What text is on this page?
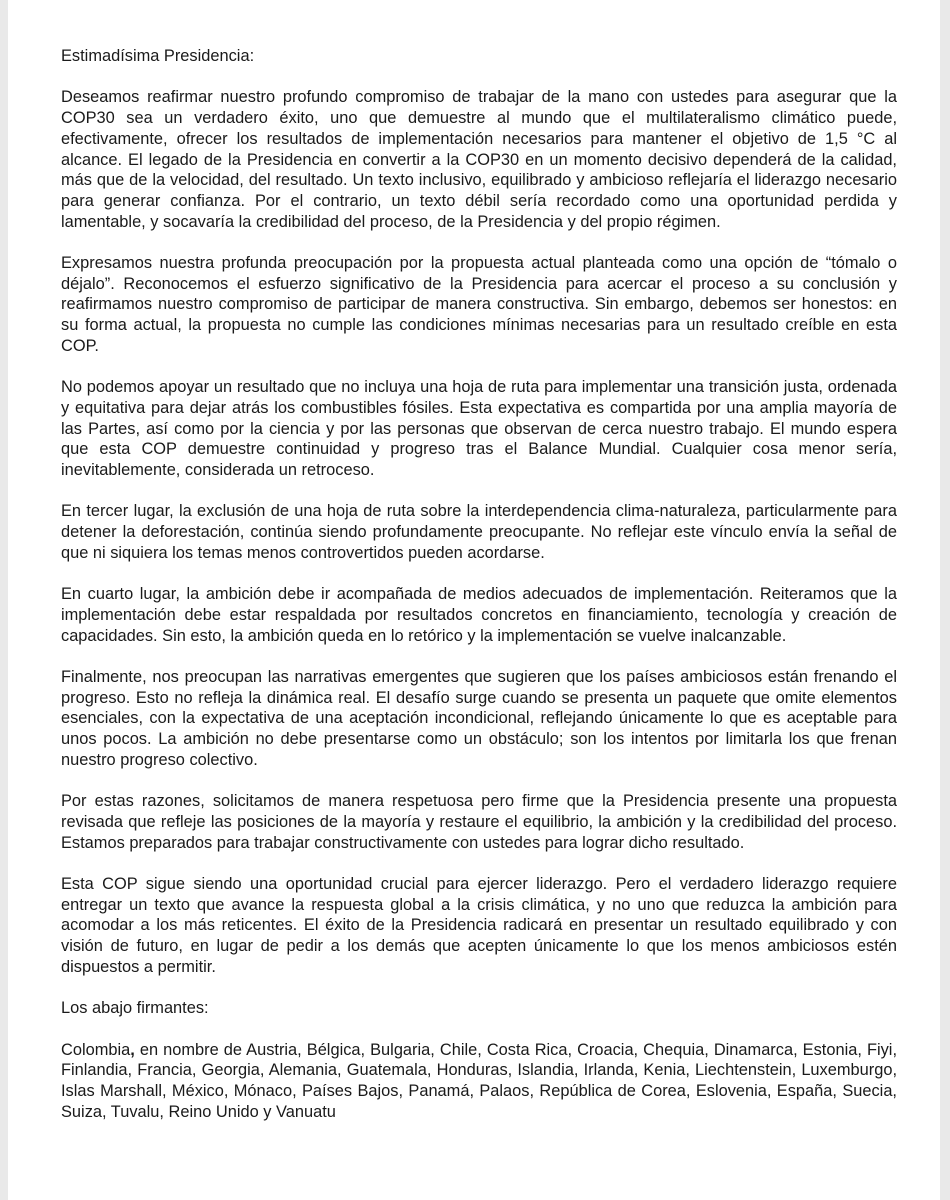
Estimadísima Presidencia:

Deseamos reafirmar nuestro profundo compromiso de trabajar de la mano con ustedes para asegurar que la COP30 sea un verdadero éxito, uno que demuestre al mundo que el multilateralismo climático puede, efectivamente, ofrecer los resultados de implementación necesarios para mantener el objetivo de 1,5 °C al alcance. El legado de la Presidencia en convertir a la COP30 en un momento decisivo dependerá de la calidad, más que de la velocidad, del resultado. Un texto inclusivo, equilibrado y ambicioso reflejaría el liderazgo necesario para generar confianza. Por el contrario, un texto débil sería recordado como una oportunidad perdida y lamentable, y socavaría la credibilidad del proceso, de la Presidencia y del propio régimen.

Expresamos nuestra profunda preocupación por la propuesta actual planteada como una opción de “tómalo o déjalo”. Reconocemos el esfuerzo significativo de la Presidencia para acercar el proceso a su conclusión y reafirmamos nuestro compromiso de participar de manera constructiva. Sin embargo, debemos ser honestos: en su forma actual, la propuesta no cumple las condiciones mínimas necesarias para un resultado creíble en esta COP.

No podemos apoyar un resultado que no incluya una hoja de ruta para implementar una transición justa, ordenada y equitativa para dejar atrás los combustibles fósiles. Esta expectativa es compartida por una amplia mayoría de las Partes, así como por la ciencia y por las personas que observan de cerca nuestro trabajo. El mundo espera que esta COP demuestre continuidad y progreso tras el Balance Mundial. Cualquier cosa menor sería, inevitablemente, considerada un retroceso.

En tercer lugar, la exclusión de una hoja de ruta sobre la interdependencia clima-naturaleza, particularmente para detener la deforestación, continúa siendo profundamente preocupante. No reflejar este vínculo envía la señal de que ni siquiera los temas menos controvertidos pueden acordarse.

En cuarto lugar, la ambición debe ir acompañada de medios adecuados de implementación. Reiteramos que la implementación debe estar respaldada por resultados concretos en financiamiento, tecnología y creación de capacidades. Sin esto, la ambición queda en lo retórico y la implementación se vuelve inalcanzable.

Finalmente, nos preocupan las narrativas emergentes que sugieren que los países ambiciosos están frenando el progreso. Esto no refleja la dinámica real. El desafío surge cuando se presenta un paquete que omite elementos esenciales, con la expectativa de una aceptación incondicional, reflejando únicamente lo que es aceptable para unos pocos. La ambición no debe presentarse como un obstáculo; son los intentos por limitarla los que frenan nuestro progreso colectivo.

Por estas razones, solicitamos de manera respetuosa pero firme que la Presidencia presente una propuesta revisada que refleje las posiciones de la mayoría y restaure el equilibrio, la ambición y la credibilidad del proceso. Estamos preparados para trabajar constructivamente con ustedes para lograr dicho resultado.

Esta COP sigue siendo una oportunidad crucial para ejercer liderazgo. Pero el verdadero liderazgo requiere entregar un texto que avance la respuesta global a la crisis climática, y no uno que reduzca la ambición para acomodar a los más reticentes. El éxito de la Presidencia radicará en presentar un resultado equilibrado y con visión de futuro, en lugar de pedir a los demás que acepten únicamente lo que los menos ambiciosos estén dispuestos a permitir.

Los abajo firmantes:

Colombia, en nombre de Austria, Bélgica, Bulgaria, Chile, Costa Rica, Croacia, Chequia, Dinamarca, Estonia, Fiyi, Finlandia, Francia, Georgia, Alemania, Guatemala, Honduras, Islandia, Irlanda, Kenia, Liechtenstein, Luxemburgo, Islas Marshall, México, Mónaco, Países Bajos, Panamá, Palaos, República de Corea, Eslovenia, España, Suecia, Suiza, Tuvalu, Reino Unido y Vanuatu
